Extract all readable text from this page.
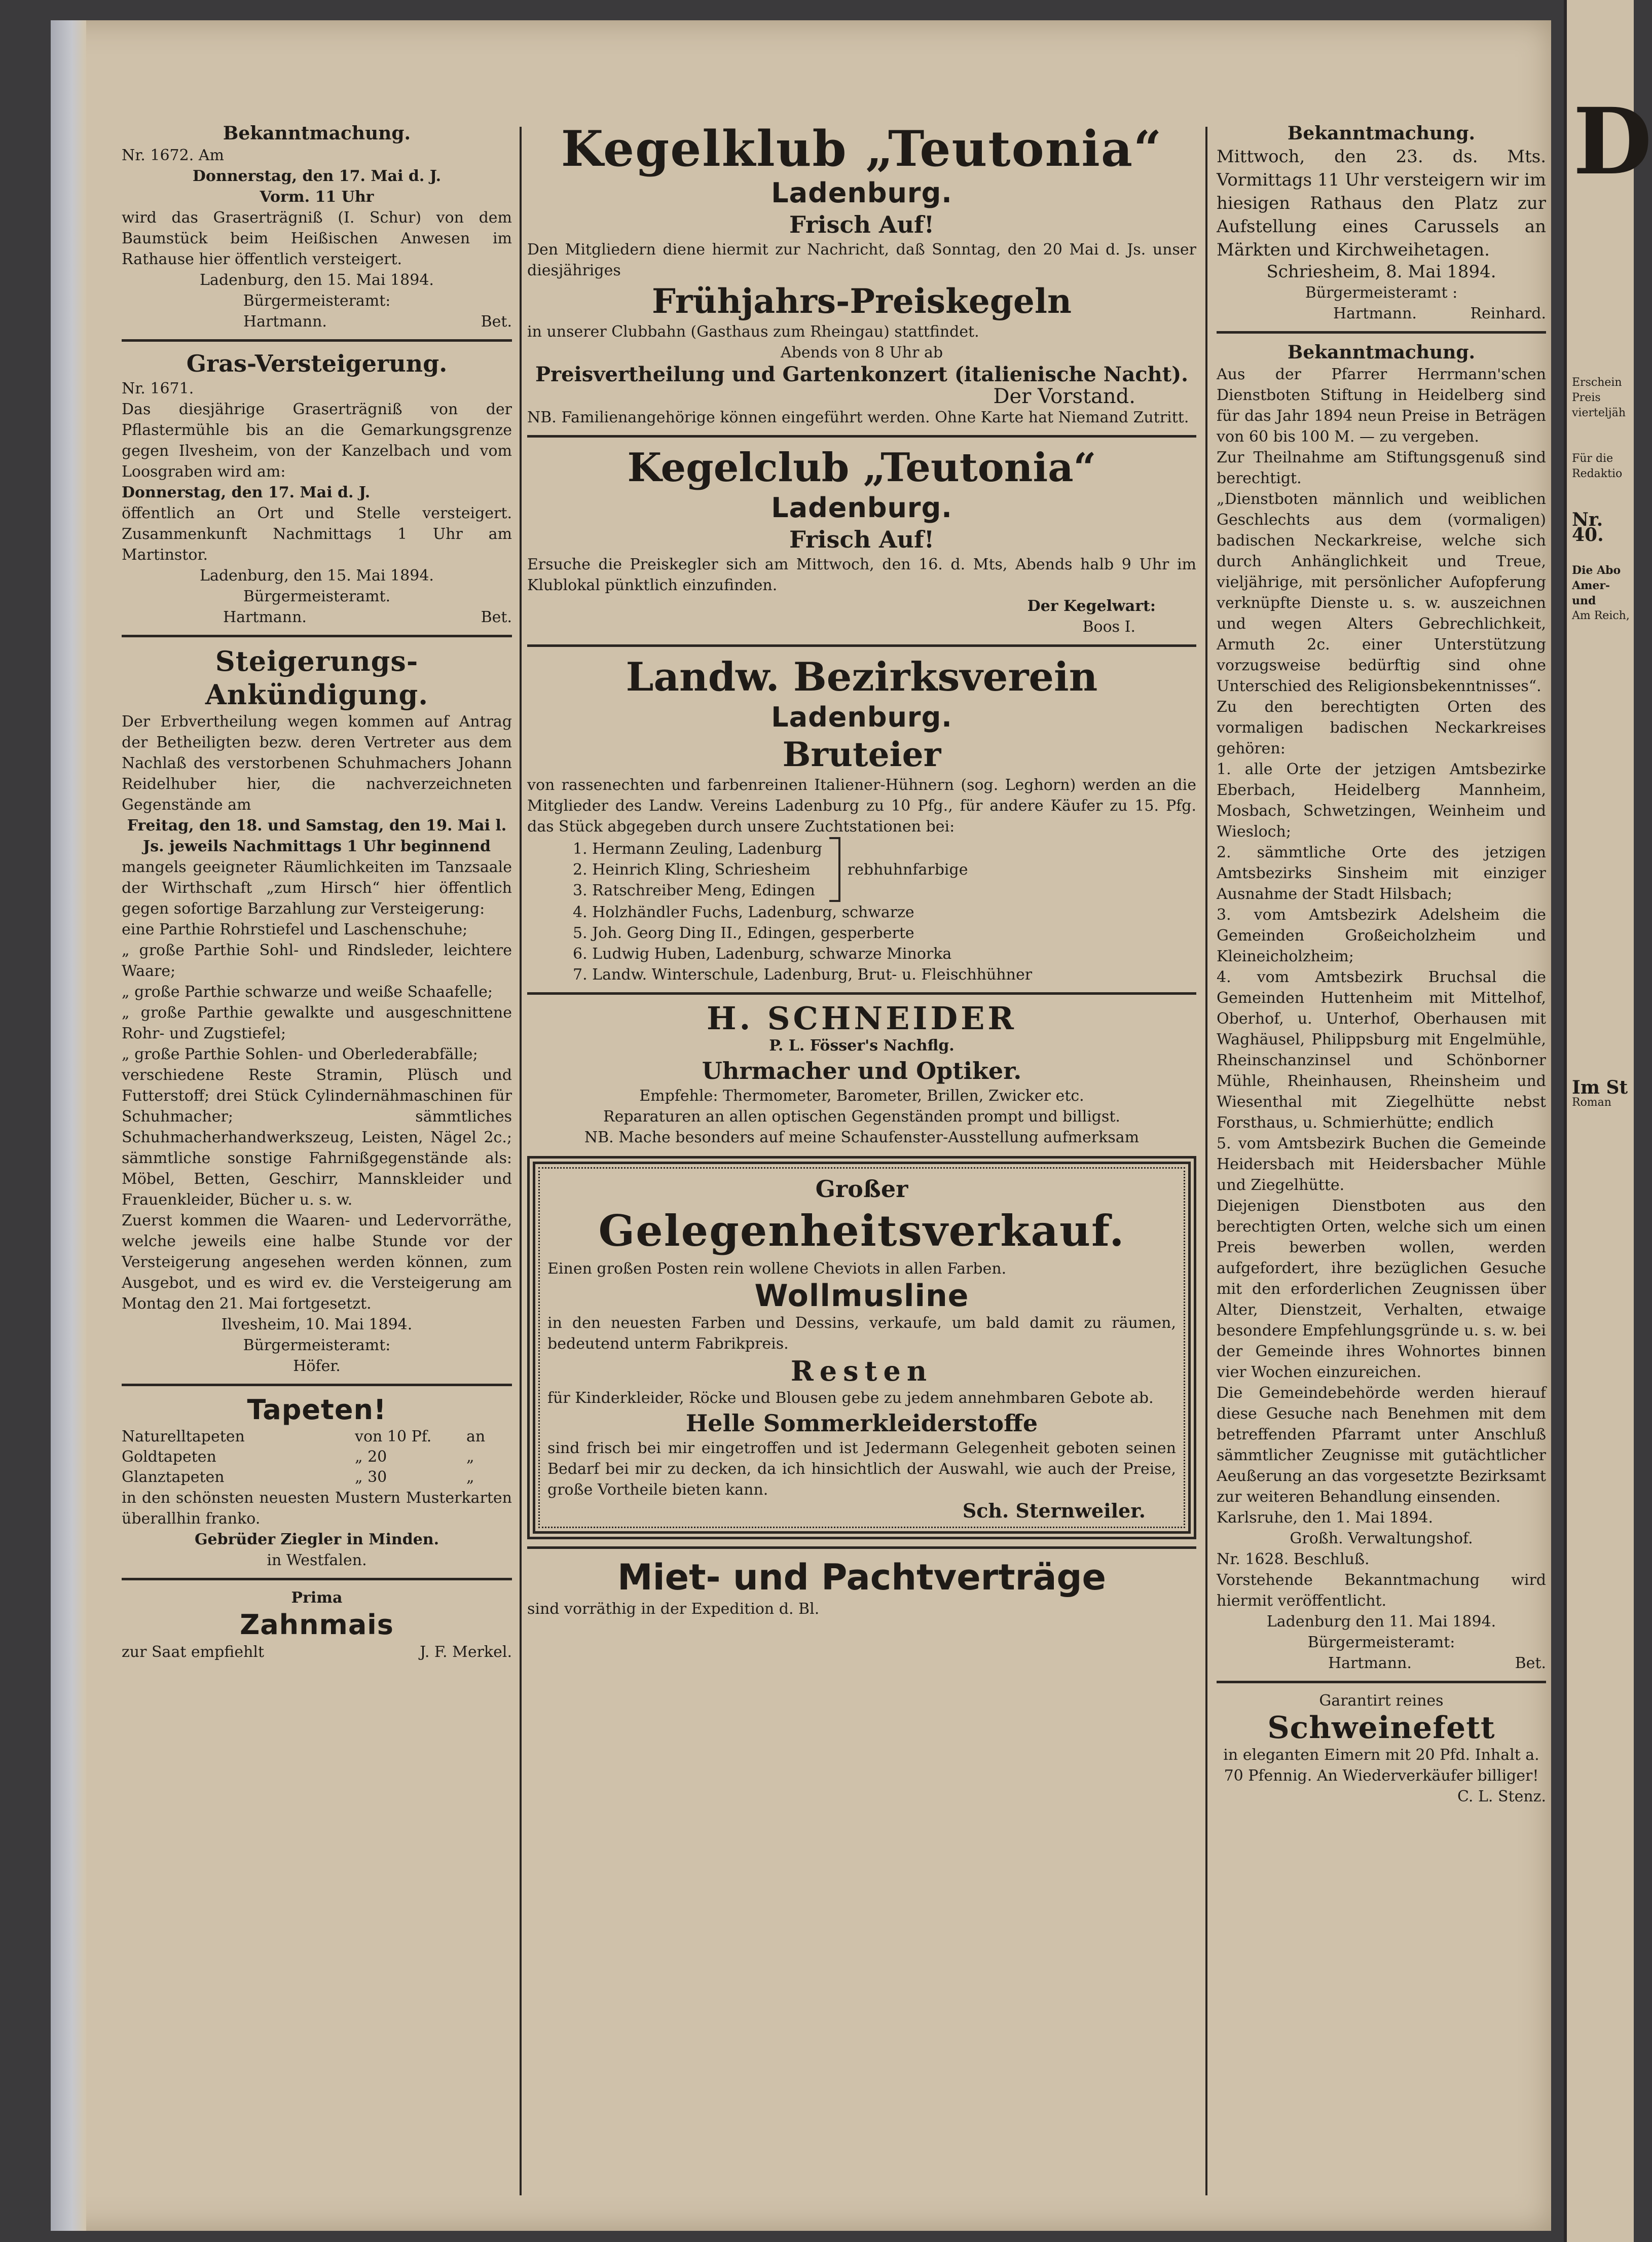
Bekanntmachung.

Nr. 1672. Am

Donnerstag, den 17. Mai d. J.

Vorm. 11 Uhr

wird das Graserträgniß (I. Schur) von dem Baumstück beim Heißischen Anwesen im Rathause hier öffentlich versteigert.

Ladenburg, den 15. Mai 1894.

Bürgermeisteramt:

Hartmann.	Bet.
Gras-Versteigerung.

Nr. 1671.

Das diesjährige Graserträgniß von der Pflastermühle bis an die Gemarkungsgrenze gegen Ilvesheim, von der Kanzelbach und vom Loosgraben wird am:

Donnerstag, den 17. Mai d. J.

öffentlich an Ort und Stelle versteigert. Zusammenkunft Nachmittags 1 Uhr am Martinstor.

Ladenburg, den 15. Mai 1894.

Bürgermeisteramt.

Hartmann.	Bet.
Steigerungs-
Ankündigung.

Der Erbvertheilung wegen kommen auf Antrag der Betheiligten bezw. deren Vertreter aus dem Nachlaß des verstorbenen Schuhmachers Johann Reidelhuber hier, die nachverzeichneten Gegenstände am

Freitag, den 18. und Samstag, den 19. Mai l. Js. jeweils Nachmittags 1 Uhr beginnend

mangels geeigneter Räumlichkeiten im Tanzsaale der Wirthschaft „zum Hirsch“ hier öffentlich gegen sofortige Barzahlung zur Versteigerung:

eine Parthie Rohrstiefel und Laschenschuhe;

„ große Parthie Sohl- und Rindsleder, leichtere Waare;

„ große Parthie schwarze und weiße Schaafelle;

„ große Parthie gewalkte und ausgeschnittene Rohr- und Zugstiefel;

„ große Parthie Sohlen- und Oberlederabfälle;

verschiedene Reste Stramin, Plüsch und Futterstoff; drei Stück Cylindernähmaschinen für Schuhmacher; sämmtliches Schuhmacherhandwerkszeug, Leisten, Nägel 2c.; sämmtliche sonstige Fahrnißgegenstände als: Möbel, Betten, Geschirr, Mannskleider und Frauenkleider, Bücher u. s. w.

Zuerst kommen die Waaren- und Ledervorräthe, welche jeweils eine halbe Stunde vor der Versteigerung angesehen werden können, zum Ausgebot, und es wird ev. die Versteigerung am Montag den 21. Mai fortgesetzt.

Ilvesheim, 10. Mai 1894.

Bürgermeisteramt:

Höfer.

Tapeten!
Naturelltapeten	von 10 Pf.	an
Goldtapeten	„ 20	„
Glanztapeten	„ 30	„

in den schönsten neuesten Mustern Musterkarten überallhin franko.

Gebrüder Ziegler in Minden.

in Westfalen.

Prima

Zahnmais
zur Saat empfiehlt	J. F. Merkel.
Kegelklub „Teutonia“
Ladenburg.
Frisch Auf!

Den Mitgliedern diene hiermit zur Nachricht, daß Sonntag, den 20 Mai d. Js. unser diesjähriges

Frühjahrs-Preiskegeln

in unserer Clubbahn (Gasthaus zum Rheingau) stattfindet.

Abends von 8 Uhr ab

Preisvertheilung und Gartenkonzert (italienische Nacht).

Der Vorstand.

NB. Familienangehörige können eingeführt werden. Ohne Karte hat Niemand Zutritt.

Kegelclub „Teutonia“
Ladenburg.
Frisch Auf!

Ersuche die Preiskegler sich am Mittwoch, den 16. d. Mts, Abends halb 9 Uhr im Klublokal pünktlich einzufinden.

Der Kegelwart:

Boos I.

Landw. Bezirksverein
Ladenburg.
Bruteier

von rassenechten und farbenreinen Italiener-Hühnern (sog. Leghorn) werden an die Mitglieder des Landw. Vereins Ladenburg zu 10 Pfg., für andere Käufer zu 15. Pfg. das Stück abgegeben durch unsere Zuchtstationen bei:

1. Hermann Zeuling, Ladenburg

2. Heinrich Kling, Schriesheim

3. Ratschreiber Meng, Edingen

rebhuhnfarbige

4. Holzhändler Fuchs, Ladenburg, schwarze

5. Joh. Georg Ding II., Edingen, gesperberte

6. Ludwig Huben, Ladenburg, schwarze Minorka

7. Landw. Winterschule, Ladenburg, Brut- u. Fleischhühner

H. SCHNEIDER

P. L. Fösser's Nachflg.

Uhrmacher und Optiker.

Empfehle: Thermometer, Barometer, Brillen, Zwicker etc.

Reparaturen an allen optischen Gegenständen prompt und billigst.

NB. Mache besonders auf meine Schaufenster-Ausstellung aufmerksam

Großer
Gelegenheitsverkauf.

Einen großen Posten rein wollene Cheviots in allen Farben.

Wollmusline

in den neuesten Farben und Dessins, verkaufe, um bald damit zu räumen, bedeutend unterm Fabrikpreis.

Resten

für Kinderkleider, Röcke und Blousen gebe zu jedem annehmbaren Gebote ab.

Helle Sommerkleiderstoffe

sind frisch bei mir eingetroffen und ist Jedermann Gelegenheit geboten seinen Bedarf bei mir zu decken, da ich hinsichtlich der Auswahl, wie auch der Preise, große Vortheile bieten kann.

Sch. Sternweiler.

Miet- und Pachtverträge

sind vorräthig in der Expedition d. Bl.

Bekanntmachung.

Mittwoch, den 23. ds. Mts. Vormittags 11 Uhr versteigern wir im hiesigen Rathaus den Platz zur Aufstellung eines Carussels an Märkten und Kirchweihetagen.

Schriesheim, 8. Mai 1894.

Bürgermeisteramt :

Hartmann.	Reinhard.
Bekanntmachung.

Aus der Pfarrer Herrmann'schen Dienstboten Stiftung in Heidelberg sind für das Jahr 1894 neun Preise in Beträgen von 60 bis 100 M. — zu vergeben.

Zur Theilnahme am Stiftungsgenuß sind berechtigt.

„Dienstboten männlich und weiblichen Geschlechts aus dem (vormaligen) badischen Neckarkreise, welche sich durch Anhänglichkeit und Treue, vieljährige, mit persönlicher Aufopferung verknüpfte Dienste u. s. w. auszeichnen und wegen Alters Gebrechlichkeit, Armuth 2c. einer Unterstützung vorzugsweise bedürftig sind ohne Unterschied des Religionsbekenntnisses“.

Zu den berechtigten Orten des vormaligen badischen Neckarkreises gehören:

1. alle Orte der jetzigen Amtsbezirke Eberbach, Heidelberg Mannheim, Mosbach, Schwetzingen, Weinheim und Wiesloch;

2. sämmtliche Orte des jetzigen Amtsbezirks Sinsheim mit einziger Ausnahme der Stadt Hilsbach;

3. vom Amtsbezirk Adelsheim die Gemeinden Großeicholzheim und Kleineicholzheim;

4. vom Amtsbezirk Bruchsal die Gemeinden Huttenheim mit Mittelhof, Oberhof, u. Unterhof, Oberhausen mit Waghäusel, Philippsburg mit Engelmühle, Rheinschanzinsel und Schönborner Mühle, Rheinhausen, Rheinsheim und Wiesenthal mit Ziegelhütte nebst Forsthaus, u. Schmierhütte; endlich

5. vom Amtsbezirk Buchen die Gemeinde Heidersbach mit Heidersbacher Mühle und Ziegelhütte.

Diejenigen Dienstboten aus den berechtigten Orten, welche sich um einen Preis bewerben wollen, werden aufgefordert, ihre bezüglichen Gesuche mit den erforderlichen Zeugnissen über Alter, Dienstzeit, Verhalten, etwaige besondere Empfehlungsgründe u. s. w. bei der Gemeinde ihres Wohnortes binnen vier Wochen einzureichen.

Die Gemeindebehörde werden hierauf diese Gesuche nach Benehmen mit dem betreffenden Pfarramt unter Anschluß sämmtlicher Zeugnisse mit gutächtlicher Aeußerung an das vorgesetzte Bezirksamt zur weiteren Behandlung einsenden.

Karlsruhe, den 1. Mai 1894.

Großh. Verwaltungshof.

Nr. 1628. Beschluß.

Vorstehende Bekanntmachung wird hiermit veröffentlicht.

Ladenburg den 11. Mai 1894.

Bürgermeisteramt:

Hartmann.	Bet.

Garantirt reines

Schweinefett

in eleganten Eimern mit 20 Pfd. Inhalt a. 70 Pfennig. An Wiederverkäufer billiger!

C. L. Stenz.

D

Erschein

Preis vierteljäh

Für die Redaktio

Nr. 40.

Die Abo

Amer- und

Am Reich,

Im St

Roman
